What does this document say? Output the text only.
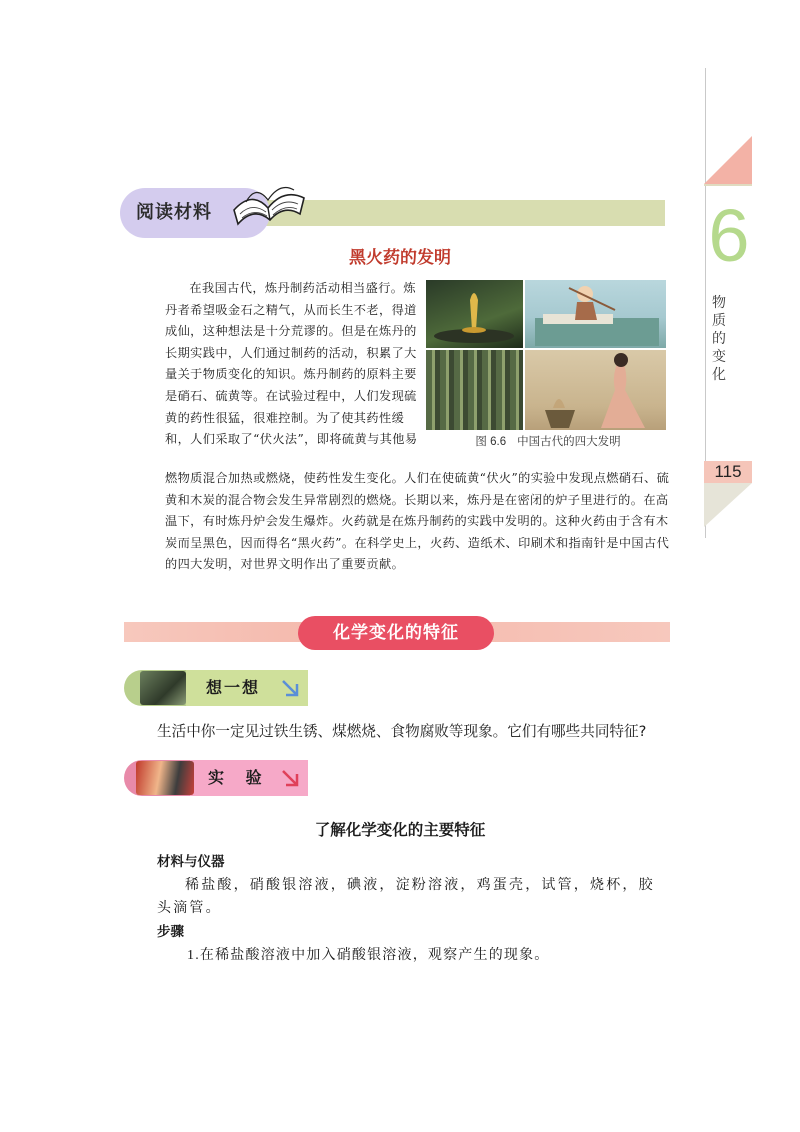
6
物质的变化
115
阅读材料
黑火药的发明
在我国古代，炼丹制药活动相当盛行。炼丹者希望吸金石之精气，从而长生不老，得道成仙，这种想法是十分荒谬的。但是在炼丹的长期实践中，人们通过制药的活动，积累了大量关于物质变化的知识。炼丹制药的原料主要是硝石、硫黄等。在试验过程中，人们发现硫黄的药性很猛，很难控制。为了使其药性缓和，人们采取了“伏火法”，即将硫黄与其他易	图 6.6 中国古代的四大发明
燃物质混合加热或燃烧，使药性发生变化。人们在使硫黄“伏火”的实验中发现点燃硝石、硫黄和木炭的混合物会发生异常剧烈的燃烧。长期以来，炼丹是在密闭的炉子里进行的。在高温下，有时炼丹炉会发生爆炸。火药就是在炼丹制药的实践中发明的。这种火药由于含有木炭而呈黑色，因而得名“黑火药”。在科学史上，火药、造纸术、印刷术和指南针是中国古代的四大发明，对世界文明作出了重要贡献。
化学变化的特征
想一想
生活中你一定见过铁生锈、煤燃烧、食物腐败等现象。它们有哪些共同特征?
实 验
了解化学变化的主要特征
材料与仪器
稀盐酸，硝酸银溶液，碘液，淀粉溶液，鸡蛋壳，试管，烧杯，胶头滴管。
步骤
1.在稀盐酸溶液中加入硝酸银溶液，观察产生的现象。
